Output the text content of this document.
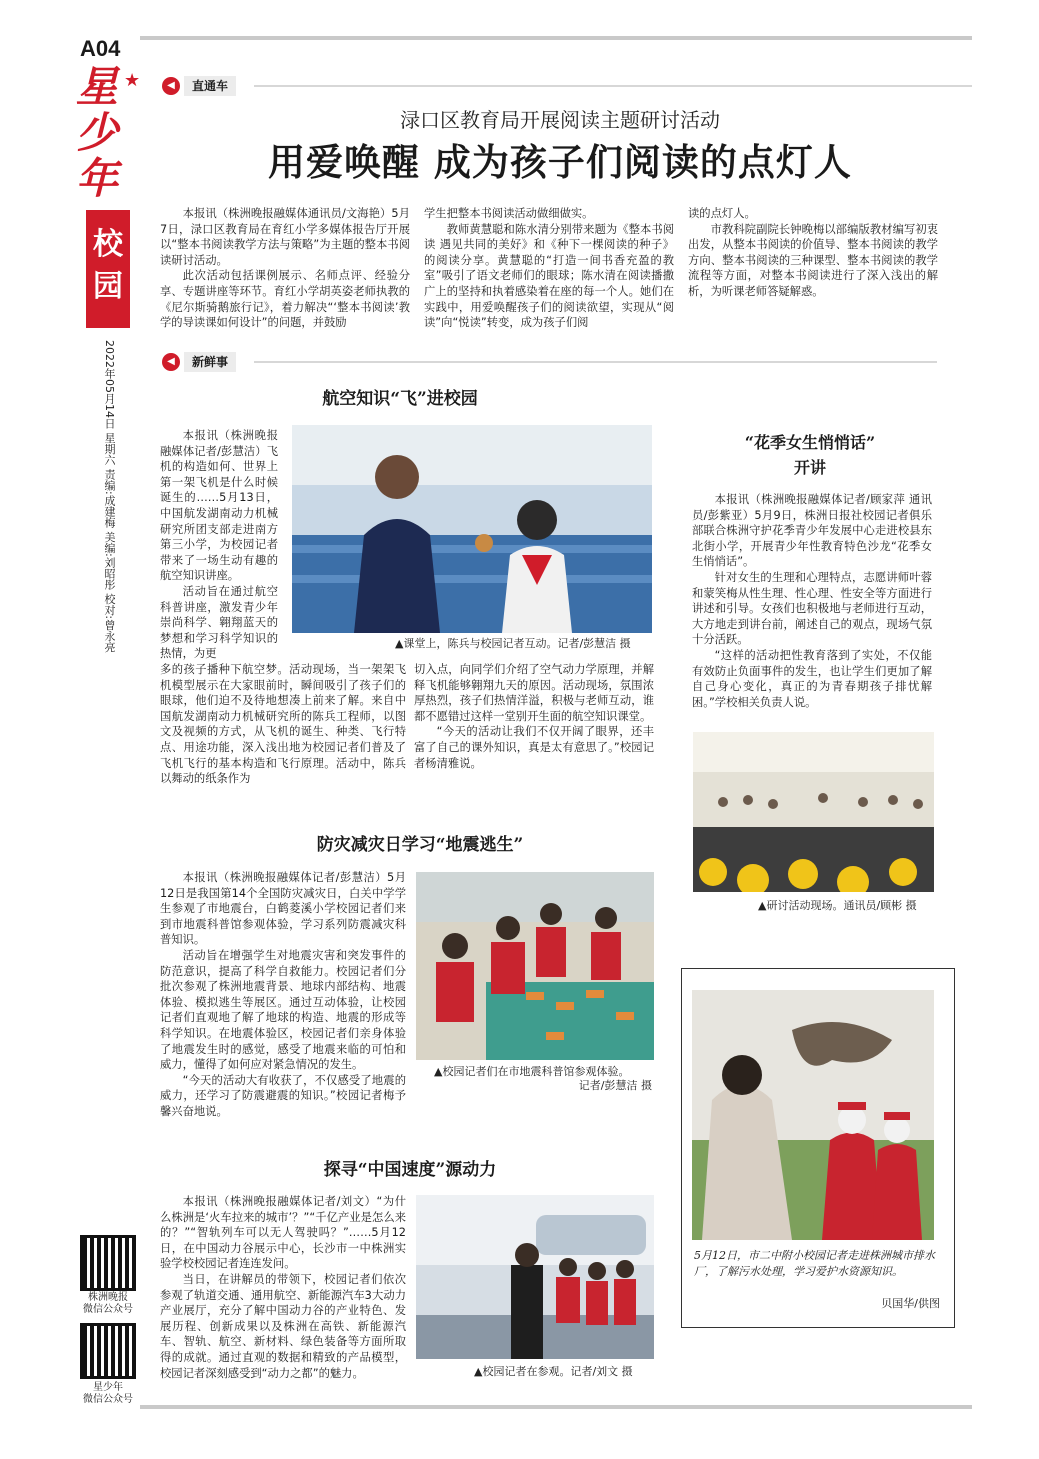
A04
星少年
★
校园
2022年05月14日 星期六 责编:成建梅 美编:刘昭彤 校对:曾永亮
◀	直通车
渌口区教育局开展阅读主题研讨活动
用爱唤醒 成为孩子们阅读的点灯人

本报讯（株洲晚报融媒体通讯员/文海艳）5月7日，渌口区教育局在育红小学多媒体报告厅开展以“整本书阅读教学方法与策略”为主题的整本书阅读研讨活动。

此次活动包括课例展示、名师点评、经验分享、专题讲座等环节。育红小学胡英姿老师执教的《尼尔斯骑鹅旅行记》，着力解决“‘整本书阅读’教学的导读课如何设计”的问题，并鼓励

学生把整本书阅读活动做细做实。

教师黄慧聪和陈水清分别带来题为《整本书阅读 遇见共同的美好》和《种下一棵阅读的种子》的阅读分享。黄慧聪的“打造一间书香充盈的教室”吸引了语文老师们的眼球；陈水清在阅读播撒广上的坚持和执着感染着在座的每一个人。她们在实践中，用爱唤醒孩子们的阅读欲望，实现从“阅读”向“悦读”转变，成为孩子们阅

读的点灯人。

市教科院副院长钟晚梅以部编版教材编写初衷出发，从整本书阅读的价值导、整本书阅读的教学方向、整本书阅读的三种课型、整本书阅读的教学流程等方面，对整本书阅读进行了深入浅出的解析，为听课老师答疑解惑。

◀	新鲜事
航空知识“飞”进校园

本报讯（株洲晚报融媒体记者/彭慧洁）飞机的构造如何、世界上第一架飞机是什么时候诞生的……5月13日，中国航发湖南动力机械研究所团支部走进南方第三小学，为校园记者带来了一场生动有趣的航空知识讲座。

活动旨在通过航空科普讲座，激发青少年崇尚科学、翱翔蓝天的梦想和学习科学知识的热情，为更

▲课堂上，陈兵与校园记者互动。记者/彭慧洁 摄

多的孩子播种下航空梦。活动现场，当一架架飞机模型展示在大家眼前时，瞬间吸引了孩子们的眼球，他们迫不及待地想凑上前来了解。来自中国航发湖南动力机械研究所的陈兵工程师，以图文及视频的方式，从飞机的诞生、种类、飞行特点、用途功能，深入浅出地为校园记者们普及了飞机飞行的基本构造和飞行原理。活动中，陈兵以舞动的纸条作为

切入点，向同学们介绍了空气动力学原理，并解释飞机能够翱翔九天的原因。活动现场，氛围浓厚热烈，孩子们热情洋溢，积极与老师互动，谁都不愿错过这样一堂别开生面的航空知识课堂。

“今天的活动让我们不仅开阔了眼界，还丰富了自己的课外知识，真是太有意思了。”校园记者杨清雅说。

“花季女生悄悄话”
开讲

本报讯（株洲晚报融媒体记者/顾家萍 通讯员/彭紫亚）5月9日，株洲日报社校园记者俱乐部联合株洲守护花季青少年发展中心走进校县东北街小学，开展青少年性教育特色沙龙“花季女生悄悄话”。

针对女生的生理和心理特点，志愿讲师叶蓉和蒙笑梅从性生理、性心理、性安全等方面进行讲述和引导。女孩们也积极地与老师进行互动，大方地走到讲台前，阐述自己的观点，现场气氛十分活跃。

“这样的活动把性教育落到了实处，不仅能有效防止负面事件的发生，也让学生们更加了解自己身心变化，真正的为青春期孩子排忧解困。”学校相关负责人说。

▲研讨活动现场。通讯员/顾彬 摄
防灾减灾日学习“地震逃生”

本报讯（株洲晚报融媒体记者/彭慧洁）5月12日是我国第14个全国防灾减灾日，白关中学学生参观了市地震台，白鹤菱溪小学校园记者们来到市地震科普馆参观体验，学习系列防震减灾科普知识。

活动旨在增强学生对地震灾害和突发事件的防范意识，提高了科学自救能力。校园记者们分批次参观了株洲地震背景、地球内部结构、地震体验、模拟逃生等展区。通过互动体验，让校园记者们直观地了解了地球的构造、地震的形成等科学知识。在地震体验区，校园记者们亲身体验了地震发生时的感觉，感受了地震来临的可怕和威力，懂得了如何应对紧急情况的发生。

“今天的活动大有收获了，不仅感受了地震的威力，还学习了防震避震的知识。”校园记者梅予馨兴奋地说。

▲校园记者们在市地震科普馆参观体验。
记者/彭慧洁 摄
探寻“中国速度”源动力

本报讯（株洲晚报融媒体记者/刘文）“为什么株洲是‘火车拉来的城市’？”“千亿产业是怎么来的？”“智轨列车可以无人驾驶吗？”……5月12日，在中国动力谷展示中心，长沙市一中株洲实验学校校园记者连连发问。

当日，在讲解员的带领下，校园记者们依次参观了轨道交通、通用航空、新能源汽车3大动力产业展厅，充分了解中国动力谷的产业特色、发展历程、创新成果以及株洲在高铁、新能源汽车、智轨、航空、新材料、绿色装备等方面所取得的成就。通过直观的数据和精致的产品模型，校园记者深刻感受到“动力之都”的魅力。	▲校园记者在参观。记者/刘文 摄
5月12日，市二中附小校园记者走进株洲城市排水厂，了解污水处理，学习爱护水资源知识。
贝国华/供图
株洲晚报
微信公众号
星少年
微信公众号
